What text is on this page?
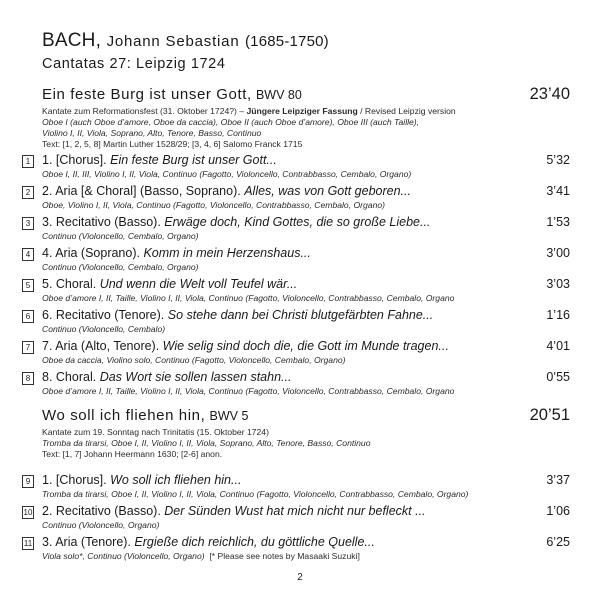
BACH, Johann Sebastian (1685-1750)
Cantatas 27: Leipzig 1724
Ein feste Burg ist unser Gott, BWV 80	23’40
Kantate zum Reformationsfest (31. Oktober 1724?) – Jüngere Leipziger Fassung / Revised Leipzig version
Oboe I (auch Oboe d’amore, Oboe da caccia), Oboe II (auch Oboe d’amore), Oboe III (auch Taille),
Violino I, II, Viola, Soprano, Alto, Tenore, Basso, Continuo
Text: [1, 2, 5, 8] Martin Luther 1528/29; [3, 4, 6] Salomo Franck 1715
1 1. [Chorus]. Ein feste Burg ist unser Gott...	5’32
Oboe I, II, III, Violino I, II, Viola, Continuo (Fagotto, Violoncello, Contrabbasso, Cembalo, Organo)
2 2. Aria [& Choral] (Basso, Soprano). Alles, was von Gott geboren...	3’41
Oboe, Violino I, II, Viola, Continuo (Fagotto, Violoncello, Contrabbasso, Cembalo, Organo)
3 3. Recitativo (Basso). Erwäge doch, Kind Gottes, die so große Liebe...	1’53
Continuo (Violoncello, Cembalo, Organo)
4 4. Aria (Soprano). Komm in mein Herzenshaus...	3’00
Continuo (Violoncello, Cembalo, Organo)
5 5. Choral. Und wenn die Welt voll Teufel wär...	3’03
Oboe d’amore I, II, Taille, Violino I, II, Viola, Continuo (Fagotto, Violoncello, Contrabbasso, Cembalo, Organo
6 6. Recitativo (Tenore). So stehe dann bei Christi blutgefärbten Fahne...	1’16
Continuo (Violoncello, Cembalo)
7 7. Aria (Alto, Tenore). Wie selig sind doch die, die Gott im Munde tragen...	4’01
Oboe da caccia, Violino solo, Continuo (Fagotto, Violoncello, Cembalo, Organo)
8 8. Choral. Das Wort sie sollen lassen stahn...	0’55
Oboe d’amore I, II, Taille, Violino I, II, Viola, Continuo (Fagotto, Violoncello, Contrabbasso, Cembalo, Organo
Wo soll ich fliehen hin, BWV 5	20’51
Kantate zum 19. Sonntag nach Trinitatis (15. Oktober 1724)
Tromba da tirarsi, Oboe I, II, Violino I, II, Viola, Soprano, Alto, Tenore, Basso, Continuo
Text: [1, 7] Johann Heermann 1630; [2-6] anon.
9 1. [Chorus]. Wo soll ich fliehen hin...	3’37
Tromba da tirarsi, Oboe I, II, Violino I, II, Viola, Continuo (Fagotto, Violoncello, Contrabbasso, Cembalo, Organo)
10 2. Recitativo (Basso). Der Sünden Wust hat mich nicht nur befleckt ...	1’06
Continuo (Violoncello, Organo)
11 3. Aria (Tenore). Ergieße dich reichlich, du göttliche Quelle...	6’25
Viola solo*, Continuo (Violoncello, Organo) [* Please see notes by Masaaki Suzuki]
2
